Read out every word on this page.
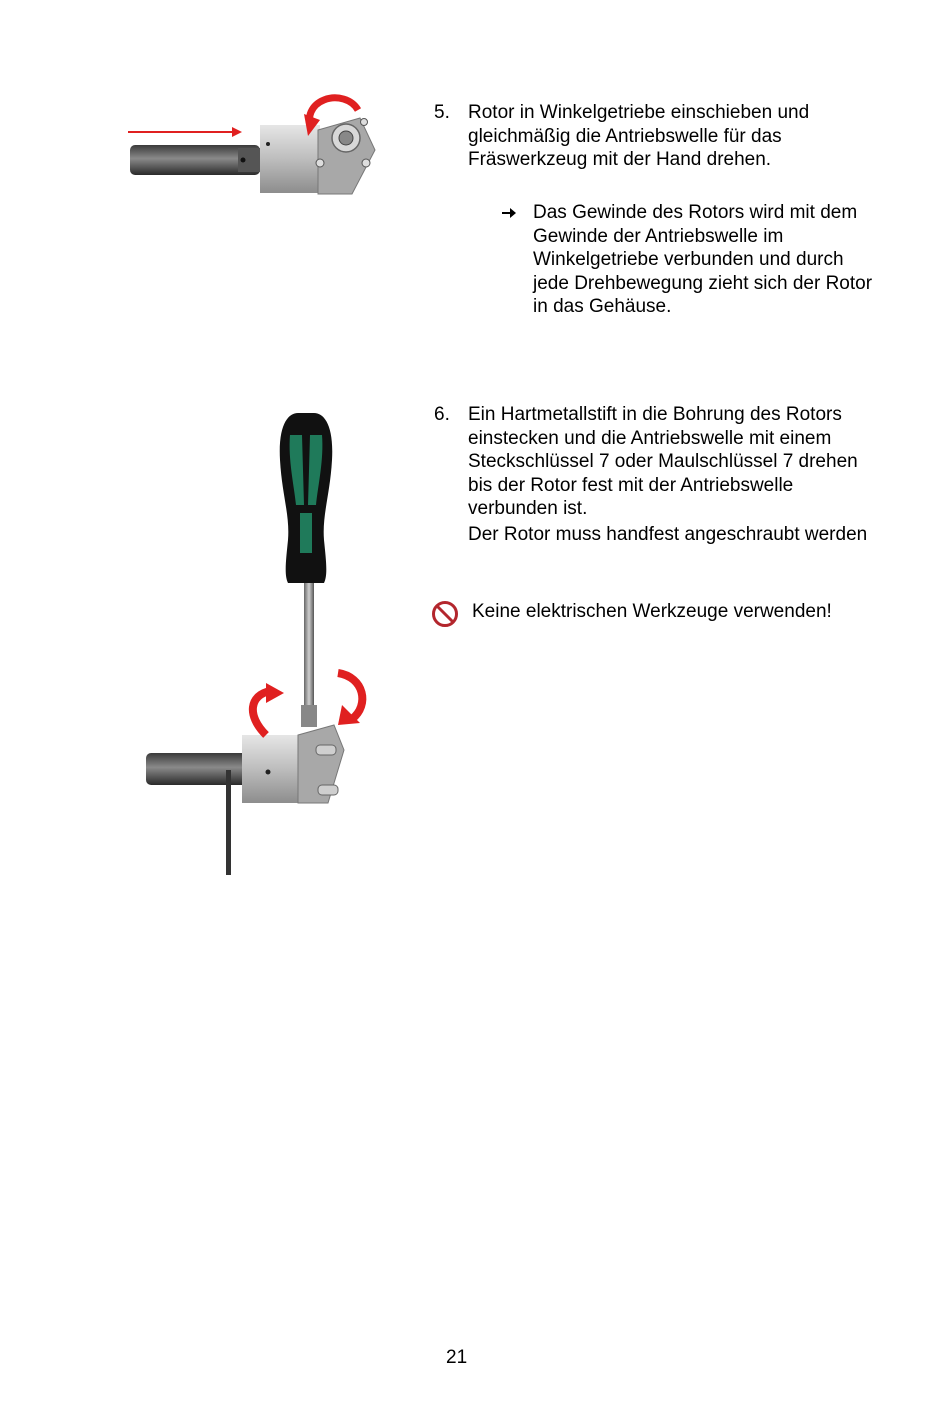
5. Rotor in Winkelgetriebe einschieben und gleichmäßig die Antriebswelle für das Fräswerkzeug mit der Hand drehen.
Das Gewinde des Rotors wird mit dem Gewinde der Antriebswelle im Winkelgetriebe verbunden und durch jede Drehbewegung zieht sich der Rotor in das Gehäuse.
6. Ein Hartmetallstift in die Bohrung des Rotors einstecken und die Antriebswelle mit einem Steckschlüssel 7 oder Maulschlüssel 7 drehen bis der Rotor fest mit der Antriebswelle verbunden ist.
Der Rotor muss handfest angeschraubt werden
Keine elektrischen Werkzeuge verwenden!
21
